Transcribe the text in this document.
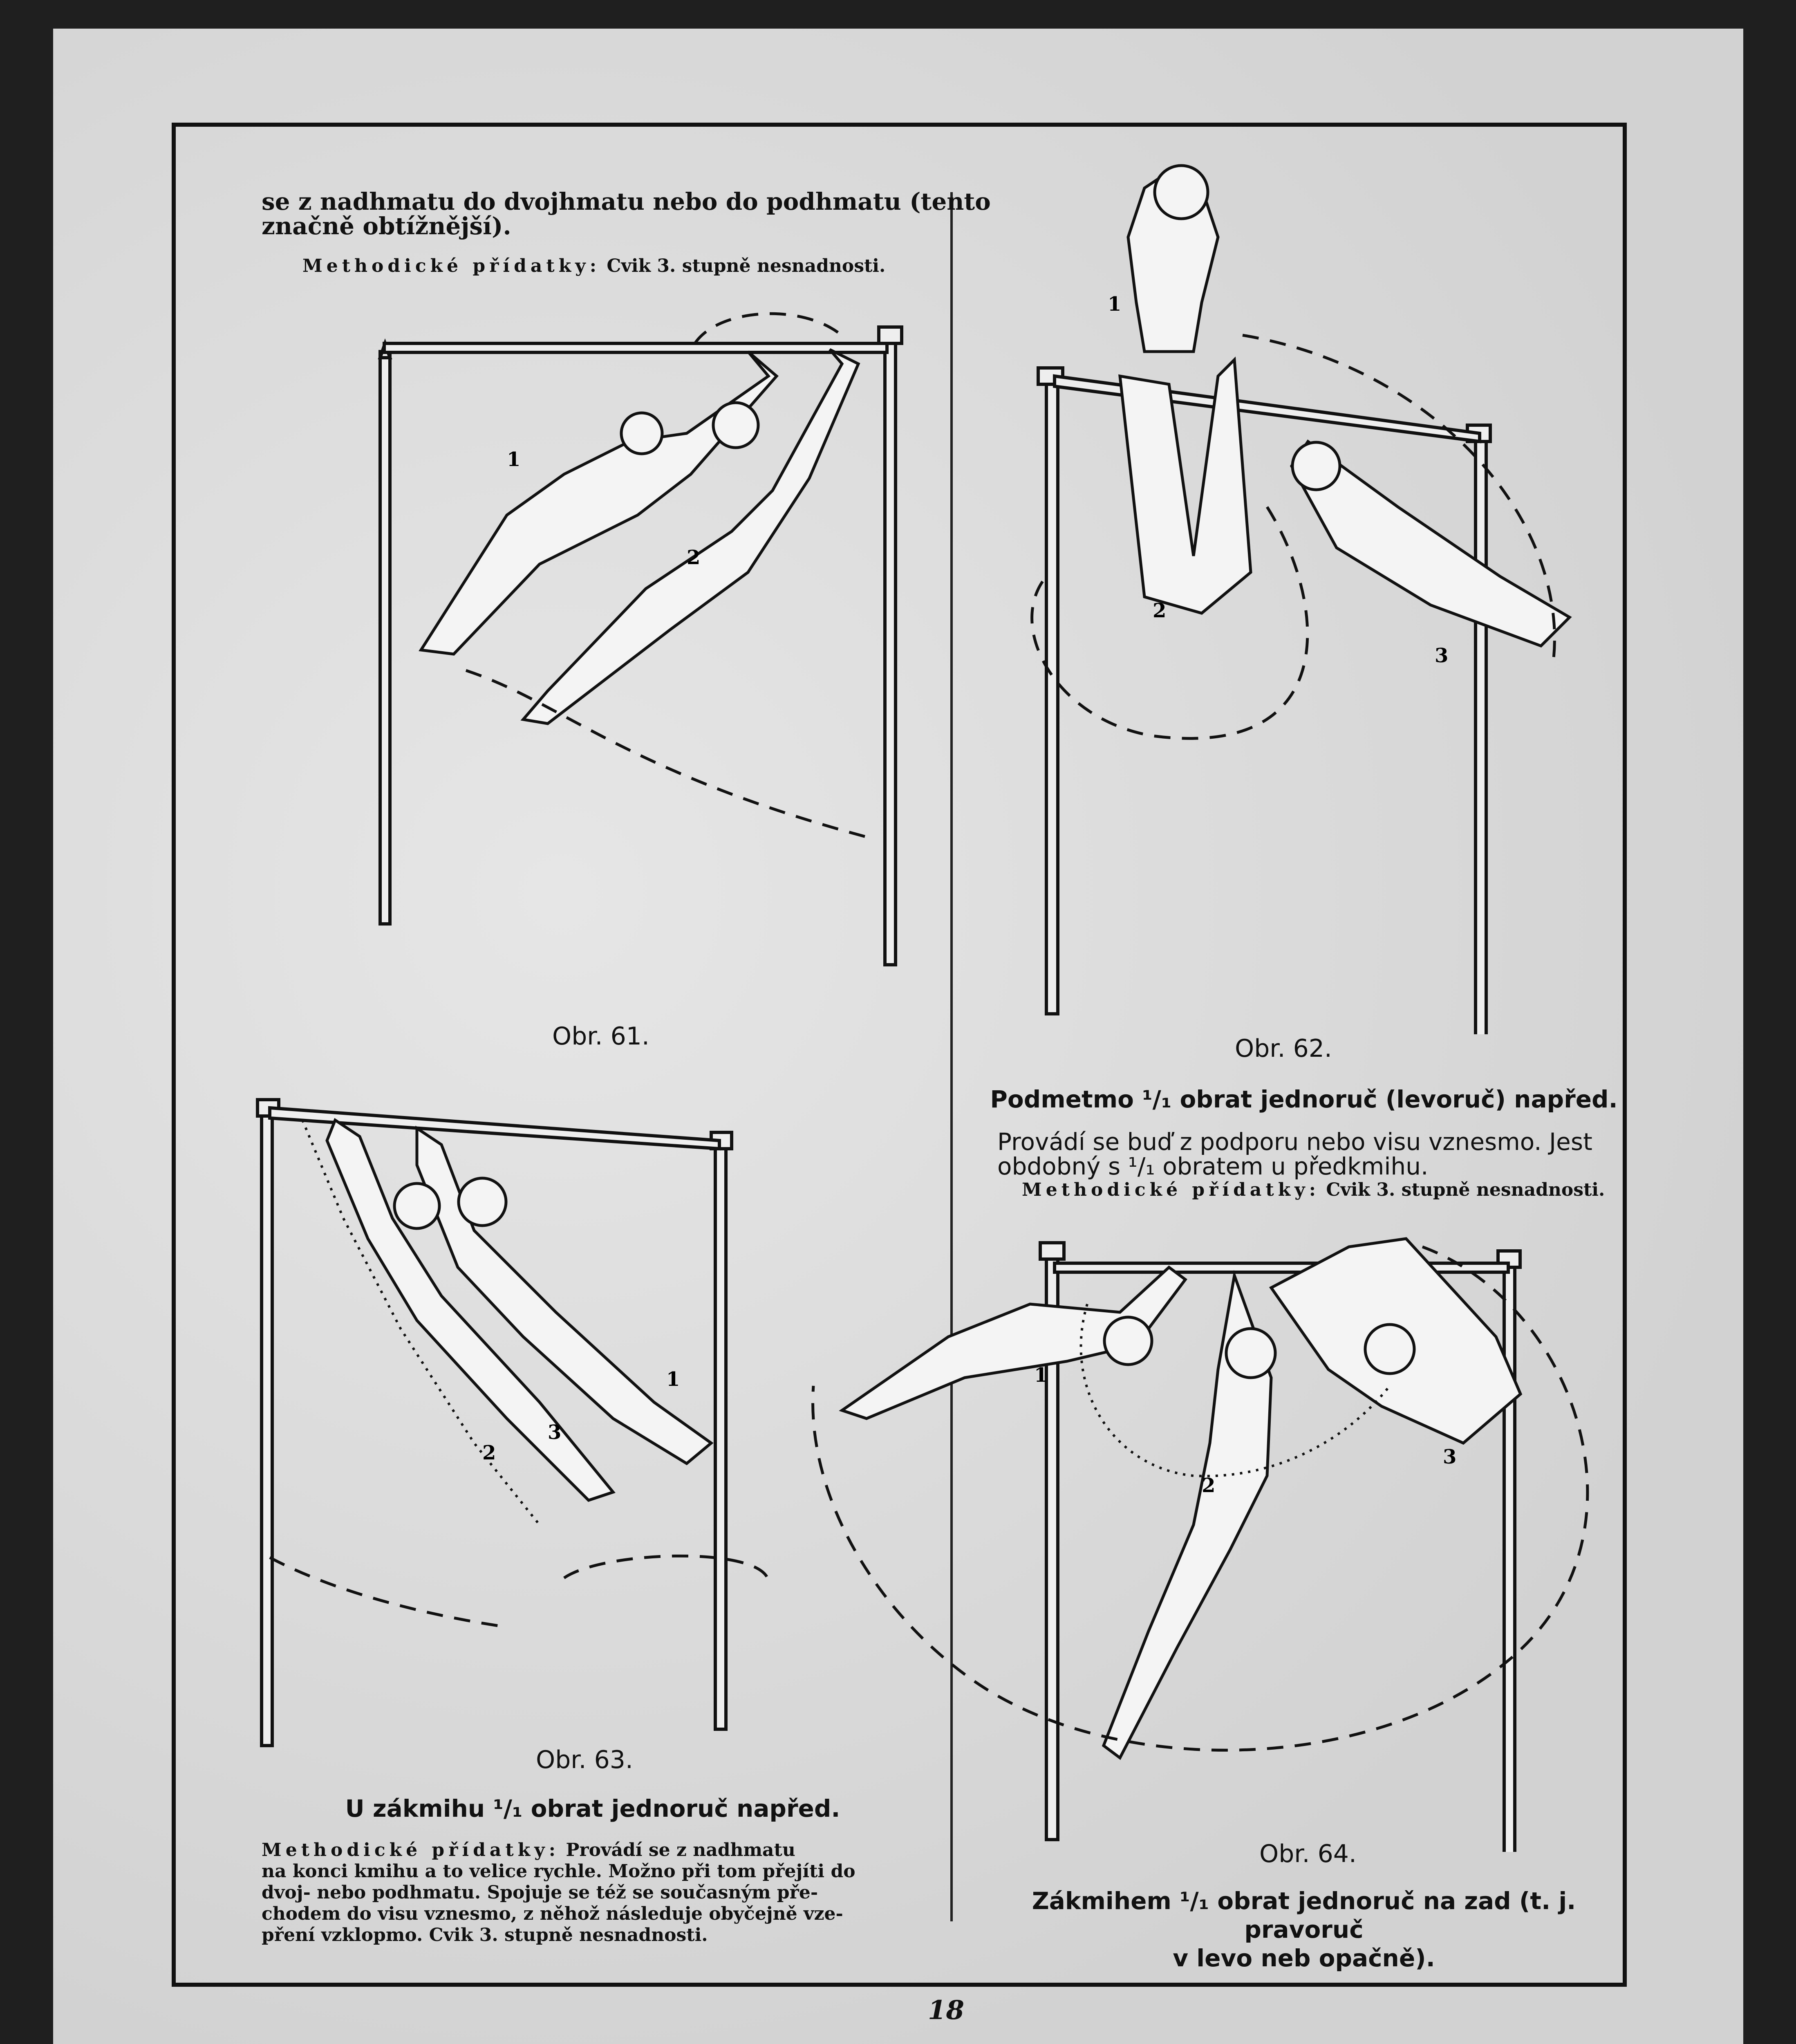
se z nadhmatu do dvojhmatu nebo do podhmatu (tento

značně obtížnější).

Methodické přídatky: Cvik 3. stupně nesnadnosti.

1
2
Obr. 61.
1
2
3
Obr. 62.
Podmetmo ¹/₁ obrat jednoruč (levoruč) napřed.

Provádí se buď z podporu nebo visu vznesmo. Jest

obdobný s ¹/₁ obratem u předkmihu.

Methodické přídatky: Cvik 3. stupně nesnadnosti.

1
2
3
Obr. 63.
U zákmihu ¹/₁ obrat jednoruč napřed.
Methodické přídatky: Provádí se z nadhmatu
na konci kmihu a to velice rychle. Možno při tom přejíti do
dvoj- nebo podhmatu. Spojuje se též se současným pře-
chodem do visu vznesmo, z něhož následuje obyčejně vze-
pření vzklopmo. Cvik 3. stupně nesnadnosti.
1
2
3
Obr. 64.
Zákmihem ¹/₁ obrat jednoruč na zad (t. j. pravoruč
v levo neb opačně).
18
